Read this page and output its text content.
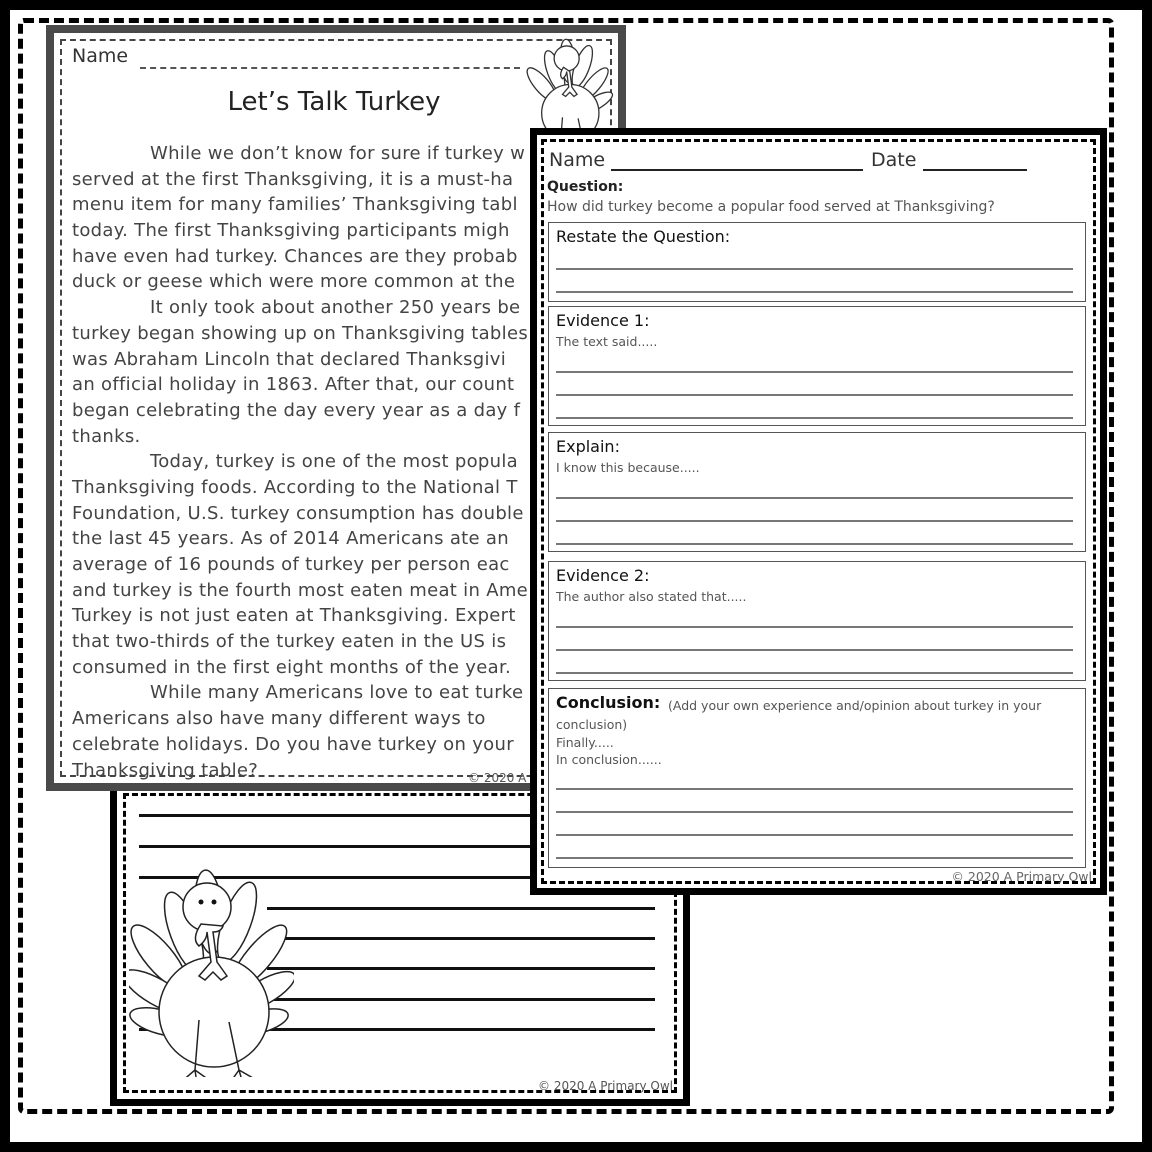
© 2020 A Primary Owl
Name
Let’s Talk Turkey
While we don’t know for sure if turkey w
served at the first Thanksgiving, it is a must-ha
menu item for many families’ Thanksgiving tabl
today. The first Thanksgiving participants migh
have even had turkey. Chances are they probab
duck or geese which were more common at the
It only took about another 250 years be
turkey began showing up on Thanksgiving tables
was Abraham Lincoln that declared Thanksgivi
an official holiday in 1863. After that, our count
began celebrating the day every year as a day f
thanks.
Today, turkey is one of the most popula
Thanksgiving foods. According to the National T
Foundation, U.S. turkey consumption has double
the last 45 years. As of 2014 Americans ate an
average of 16 pounds of turkey per person eac
and turkey is the fourth most eaten meat in Ame
Turkey is not just eaten at Thanksgiving. Expert
that two-thirds of the turkey eaten in the US is
consumed in the first eight months of the year.
While many Americans love to eat turke
Americans also have many different ways to
celebrate holidays. Do you have turkey on your
Thanksgiving table?	© 2020 A
Name	Date
Question:
How did turkey become a popular food served at Thanksgiving?
Restate the Question:
Evidence 1:
The text said.....
Explain:
I know this because.....
Evidence 2:
The author also stated that.....
Conclusion: (Add your own experience and/opinion about turkey in your
conclusion)
Finally.....
In conclusion......
© 2020 A Primary Owl
